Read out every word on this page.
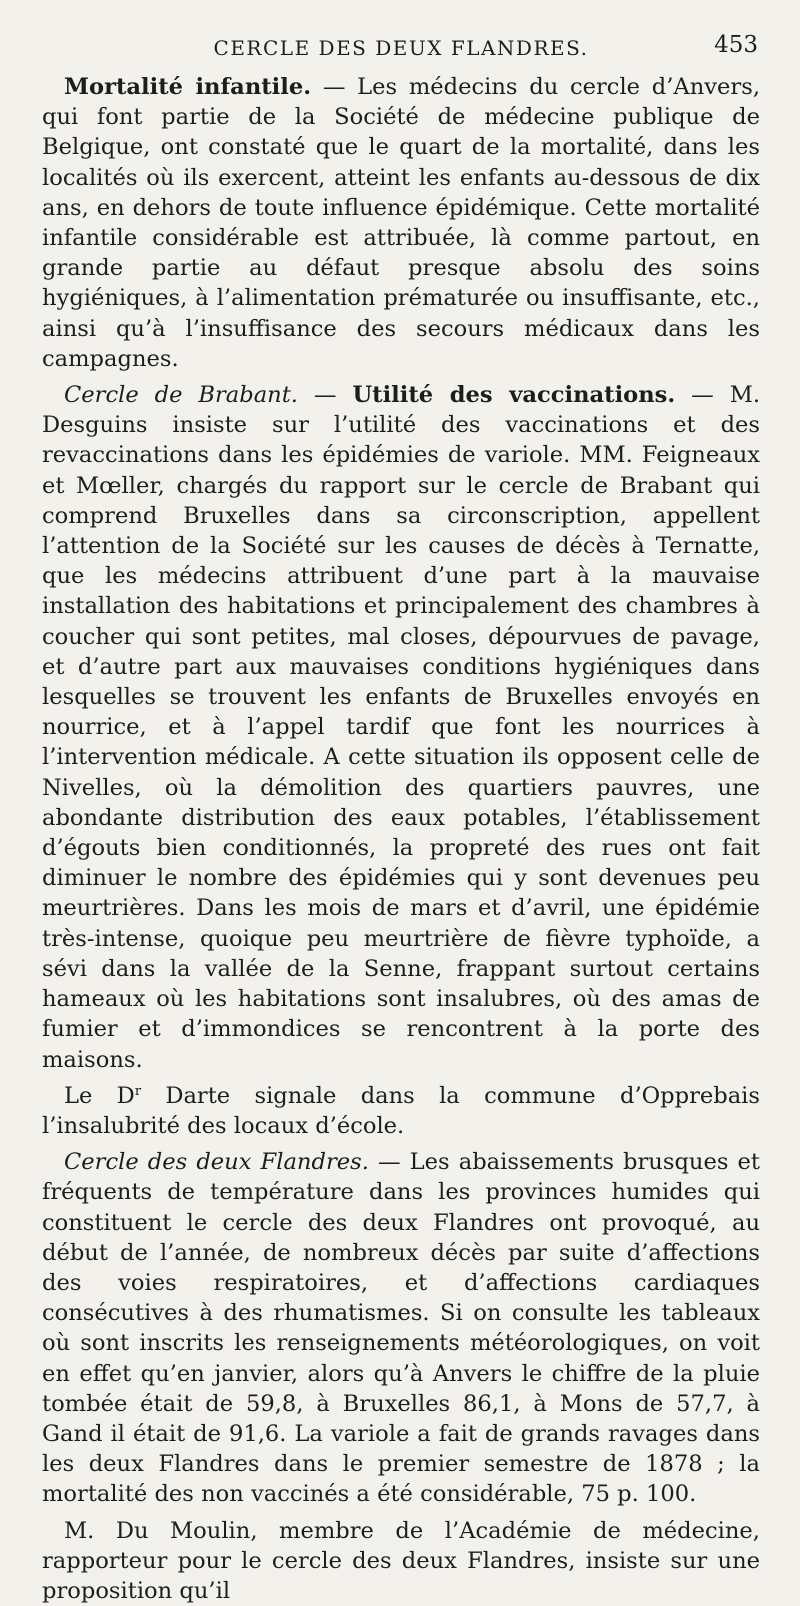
CERCLE DES DEUX FLANDRES.	453

Mortalité infantile. — Les médecins du cercle d’Anvers, qui font partie de la Société de médecine publique de Belgique, ont constaté que le quart de la mortalité, dans les localités où ils exercent, atteint les enfants au-dessous de dix ans, en dehors de toute influence épidémique. Cette mortalité infantile considérable est attribuée, là comme partout, en grande partie au défaut presque absolu des soins hygiéniques, à l’alimentation prématurée ou insuffisante, etc., ainsi qu’à l’insuffisance des secours médicaux dans les campagnes.

Cercle de Brabant. — Utilité des vaccinations. — M. Desguins insiste sur l’utilité des vaccinations et des revaccinations dans les épidémies de variole. MM. Feigneaux et Mœller, chargés du rapport sur le cercle de Brabant qui comprend Bruxelles dans sa circonscription, appellent l’attention de la Société sur les causes de décès à Ternatte, que les médecins attribuent d’une part à la mauvaise installation des habitations et principalement des chambres à coucher qui sont petites, mal closes, dépourvues de pavage, et d’autre part aux mauvaises conditions hygiéniques dans lesquelles se trouvent les enfants de Bruxelles envoyés en nourrice, et à l’appel tardif que font les nourrices à l’intervention médicale. A cette situation ils opposent celle de Nivelles, où la démolition des quartiers pauvres, une abondante distribution des eaux potables, l’établissement d’égouts bien conditionnés, la propreté des rues ont fait diminuer le nombre des épidémies qui y sont devenues peu meurtrières. Dans les mois de mars et d’avril, une épidémie très-intense, quoique peu meurtrière de fièvre typhoïde, a sévi dans la vallée de la Senne, frappant surtout certains hameaux où les habitations sont insalubres, où des amas de fumier et d’immondices se rencontrent à la porte des maisons.

Le $D^r$ Darte signale dans la commune d’Opprebais l’insalubrité des locaux d’école.

Cercle des deux Flandres. — Les abaissements brusques et fréquents de température dans les provinces humides qui constituent le cercle des deux Flandres ont provoqué, au début de l’année, de nombreux décès par suite d’affections des voies respiratoires, et d’affections cardiaques consécutives à des rhumatismes. Si on consulte les tableaux où sont inscrits les renseignements météorologiques, on voit en effet qu’en janvier, alors qu’à Anvers le chiffre de la pluie tombée était de 59,8, à Bruxelles 86,1, à Mons de 57,7, à Gand il était de 91,6. La variole a fait de grands ravages dans les deux Flandres dans le premier semestre de 1878 ; la mortalité des non vaccinés a été considérable, 75 p. 100.

M. Du Moulin, membre de l’Académie de médecine, rapporteur pour le cercle des deux Flandres, insiste sur une proposition qu’il
